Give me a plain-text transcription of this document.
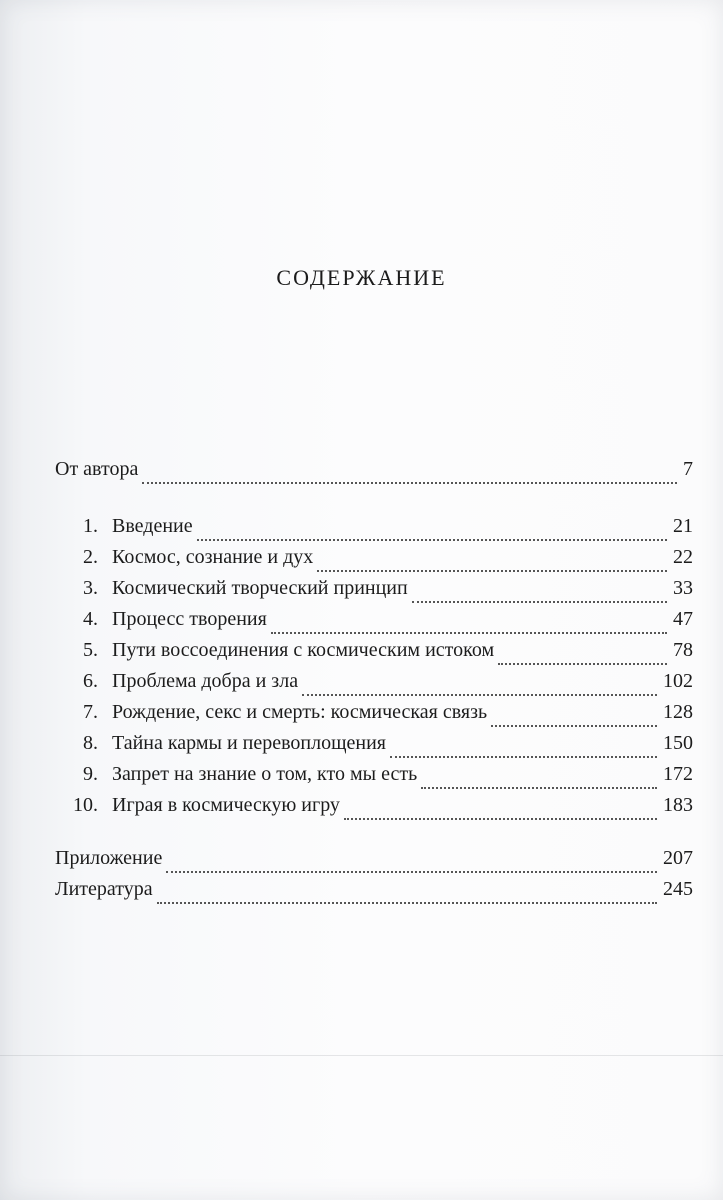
СОДЕРЖАНИЕ
От автора	7
1. Введение	21
2. Космос, сознание и дух	22
3. Космический творческий принцип	33
4. Процесс творения	47
5. Пути воссоединения с космическим истоком	78
6. Проблема добра и зла	102
7. Рождение, секс и смерть: космическая связь	128
8. Тайна кармы и перевоплощения	150
9. Запрет на знание о том, кто мы есть	172
10. Играя в космическую игру	183
Приложение	207
Литература	245
